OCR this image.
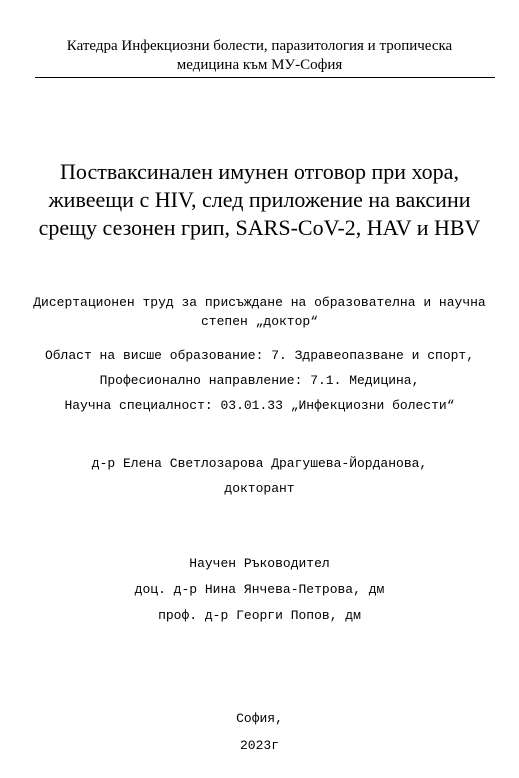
Катедра Инфекциозни болести, паразитология и тропическа
медицина към МУ-София
Поствaксинален имунен отговор при хора,
живеещи с HIV, след приложение на ваксини
срещу сезонен грип, SARS-CoV-2, HAV и HBV
Дисертационен труд за присъждане на образователна и научна
степен „доктор“
Област на висше образование: 7. Здравеопазване и спорт,
Професионално направление: 7.1. Медицина,
Научна специалност: 03.01.33 „Инфекциозни болести“
д-р Елена Светлозарова Драгушева-Йорданова,
докторант
Научен Ръководител
доц. д-р Нина Янчева-Петрова, дм
проф. д-р Георги Попов, дм
София,
2023г
